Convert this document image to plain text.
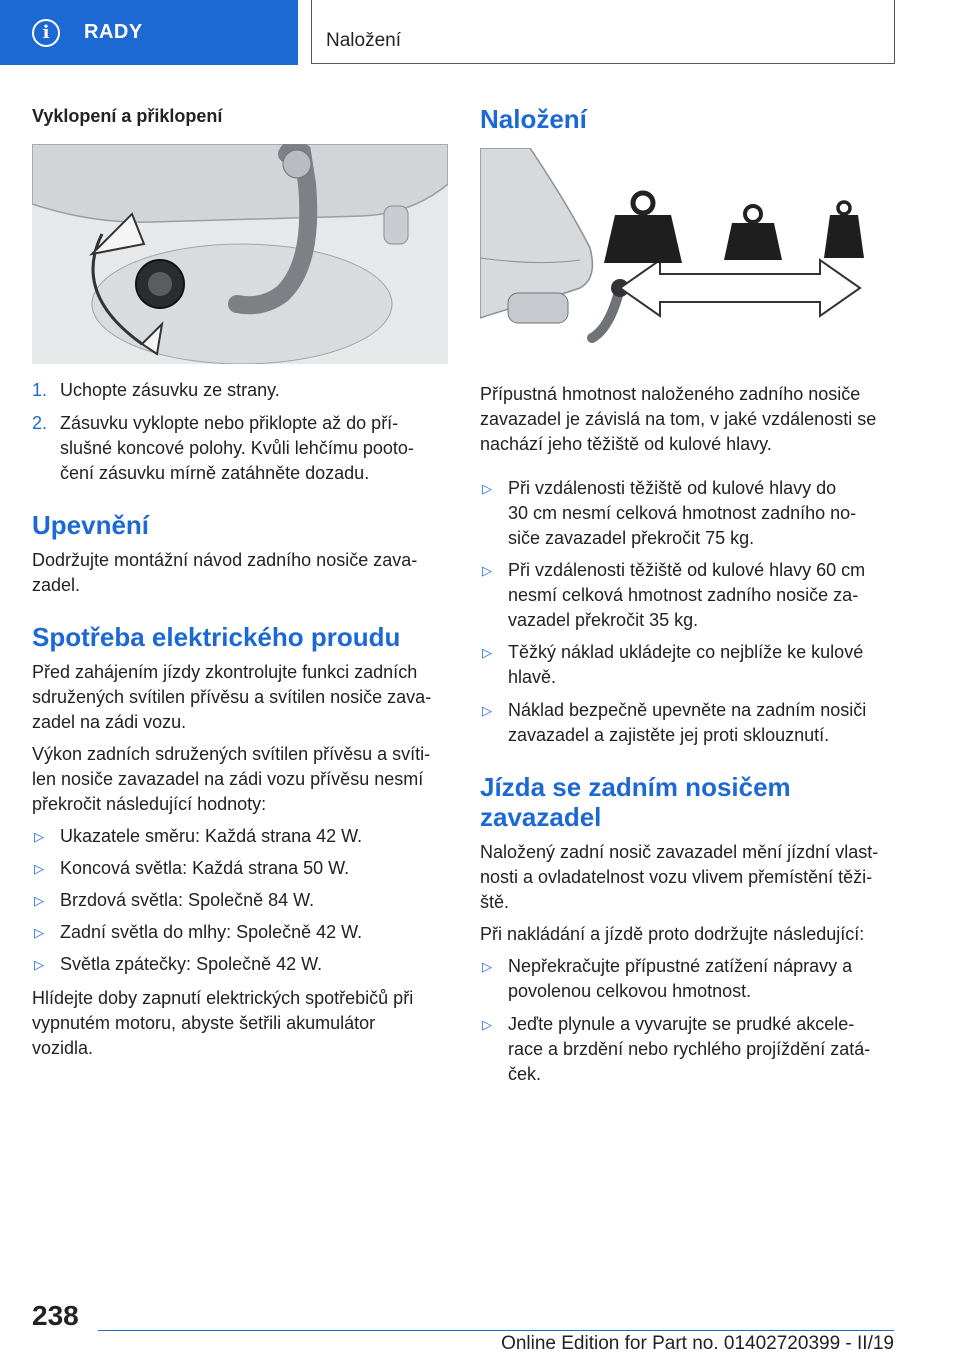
i	RADY	Naložení
Vyklopení a přiklopení
1. Uchopte zásuvku ze strany.
2. Zásuvku vyklopte nebo přiklopte až do pří‐
slušné koncové polohy. Kvůli lehčímu pooto‐
čení zásuvku mírně zatáhněte dozadu.
Upevnění
Dodržujte montážní návod zadního nosiče zava‐
zadel.
Spotřeba elektrického proudu
Před zahájením jízdy zkontrolujte funkci zadních
sdružených svítilen přívěsu a svítilen nosiče zava‐
zadel na zádi vozu.
Výkon zadních sdružených svítilen přívěsu a svíti‐
len nosiče zavazadel na zádi vozu přívěsu nesmí
překročit následující hodnoty:
▷ Ukazatele směru: Každá strana 42 W.
▷ Koncová světla: Každá strana 50 W.
▷ Brzdová světla: Společně 84 W.
▷ Zadní světla do mlhy: Společně 42 W.
▷ Světla zpátečky: Společně 42 W.
Hlídejte doby zapnutí elektrických spotřebičů při
vypnutém motoru, abyste šetřili akumulátor
vozidla.
Naložení
Přípustná hmotnost naloženého zadního nosiče
zavazadel je závislá na tom, v jaké vzdálenosti se
nachází jeho těžiště od kulové hlavy.
▷ Při vzdálenosti těžiště od kulové hlavy do
30 cm nesmí celková hmotnost zadního no‐
siče zavazadel překročit 75 kg.
▷ Při vzdálenosti těžiště od kulové hlavy 60 cm
nesmí celková hmotnost zadního nosiče za‐
vazadel překročit 35 kg.
▷ Těžký náklad ukládejte co nejblíže ke kulové
hlavě.
▷ Náklad bezpečně upevněte na zadním nosiči
zavazadel a zajistěte jej proti sklouznutí.
Jízda se zadním nosičem
zavazadel
Naložený zadní nosič zavazadel mění jízdní vlast‐
nosti a ovladatelnost vozu vlivem přemístění těži‐
ště.
Při nakládání a jízdě proto dodržujte následující:
▷ Nepřekračujte přípustné zatížení nápravy a
povolenou celkovou hmotnost.
▷ Jeďte plynule a vyvarujte se prudké akcele‐
race a brzdění nebo rychlého projíždění zatá‐
ček.
238
Online Edition for Part no. 01402720399 - II/19
